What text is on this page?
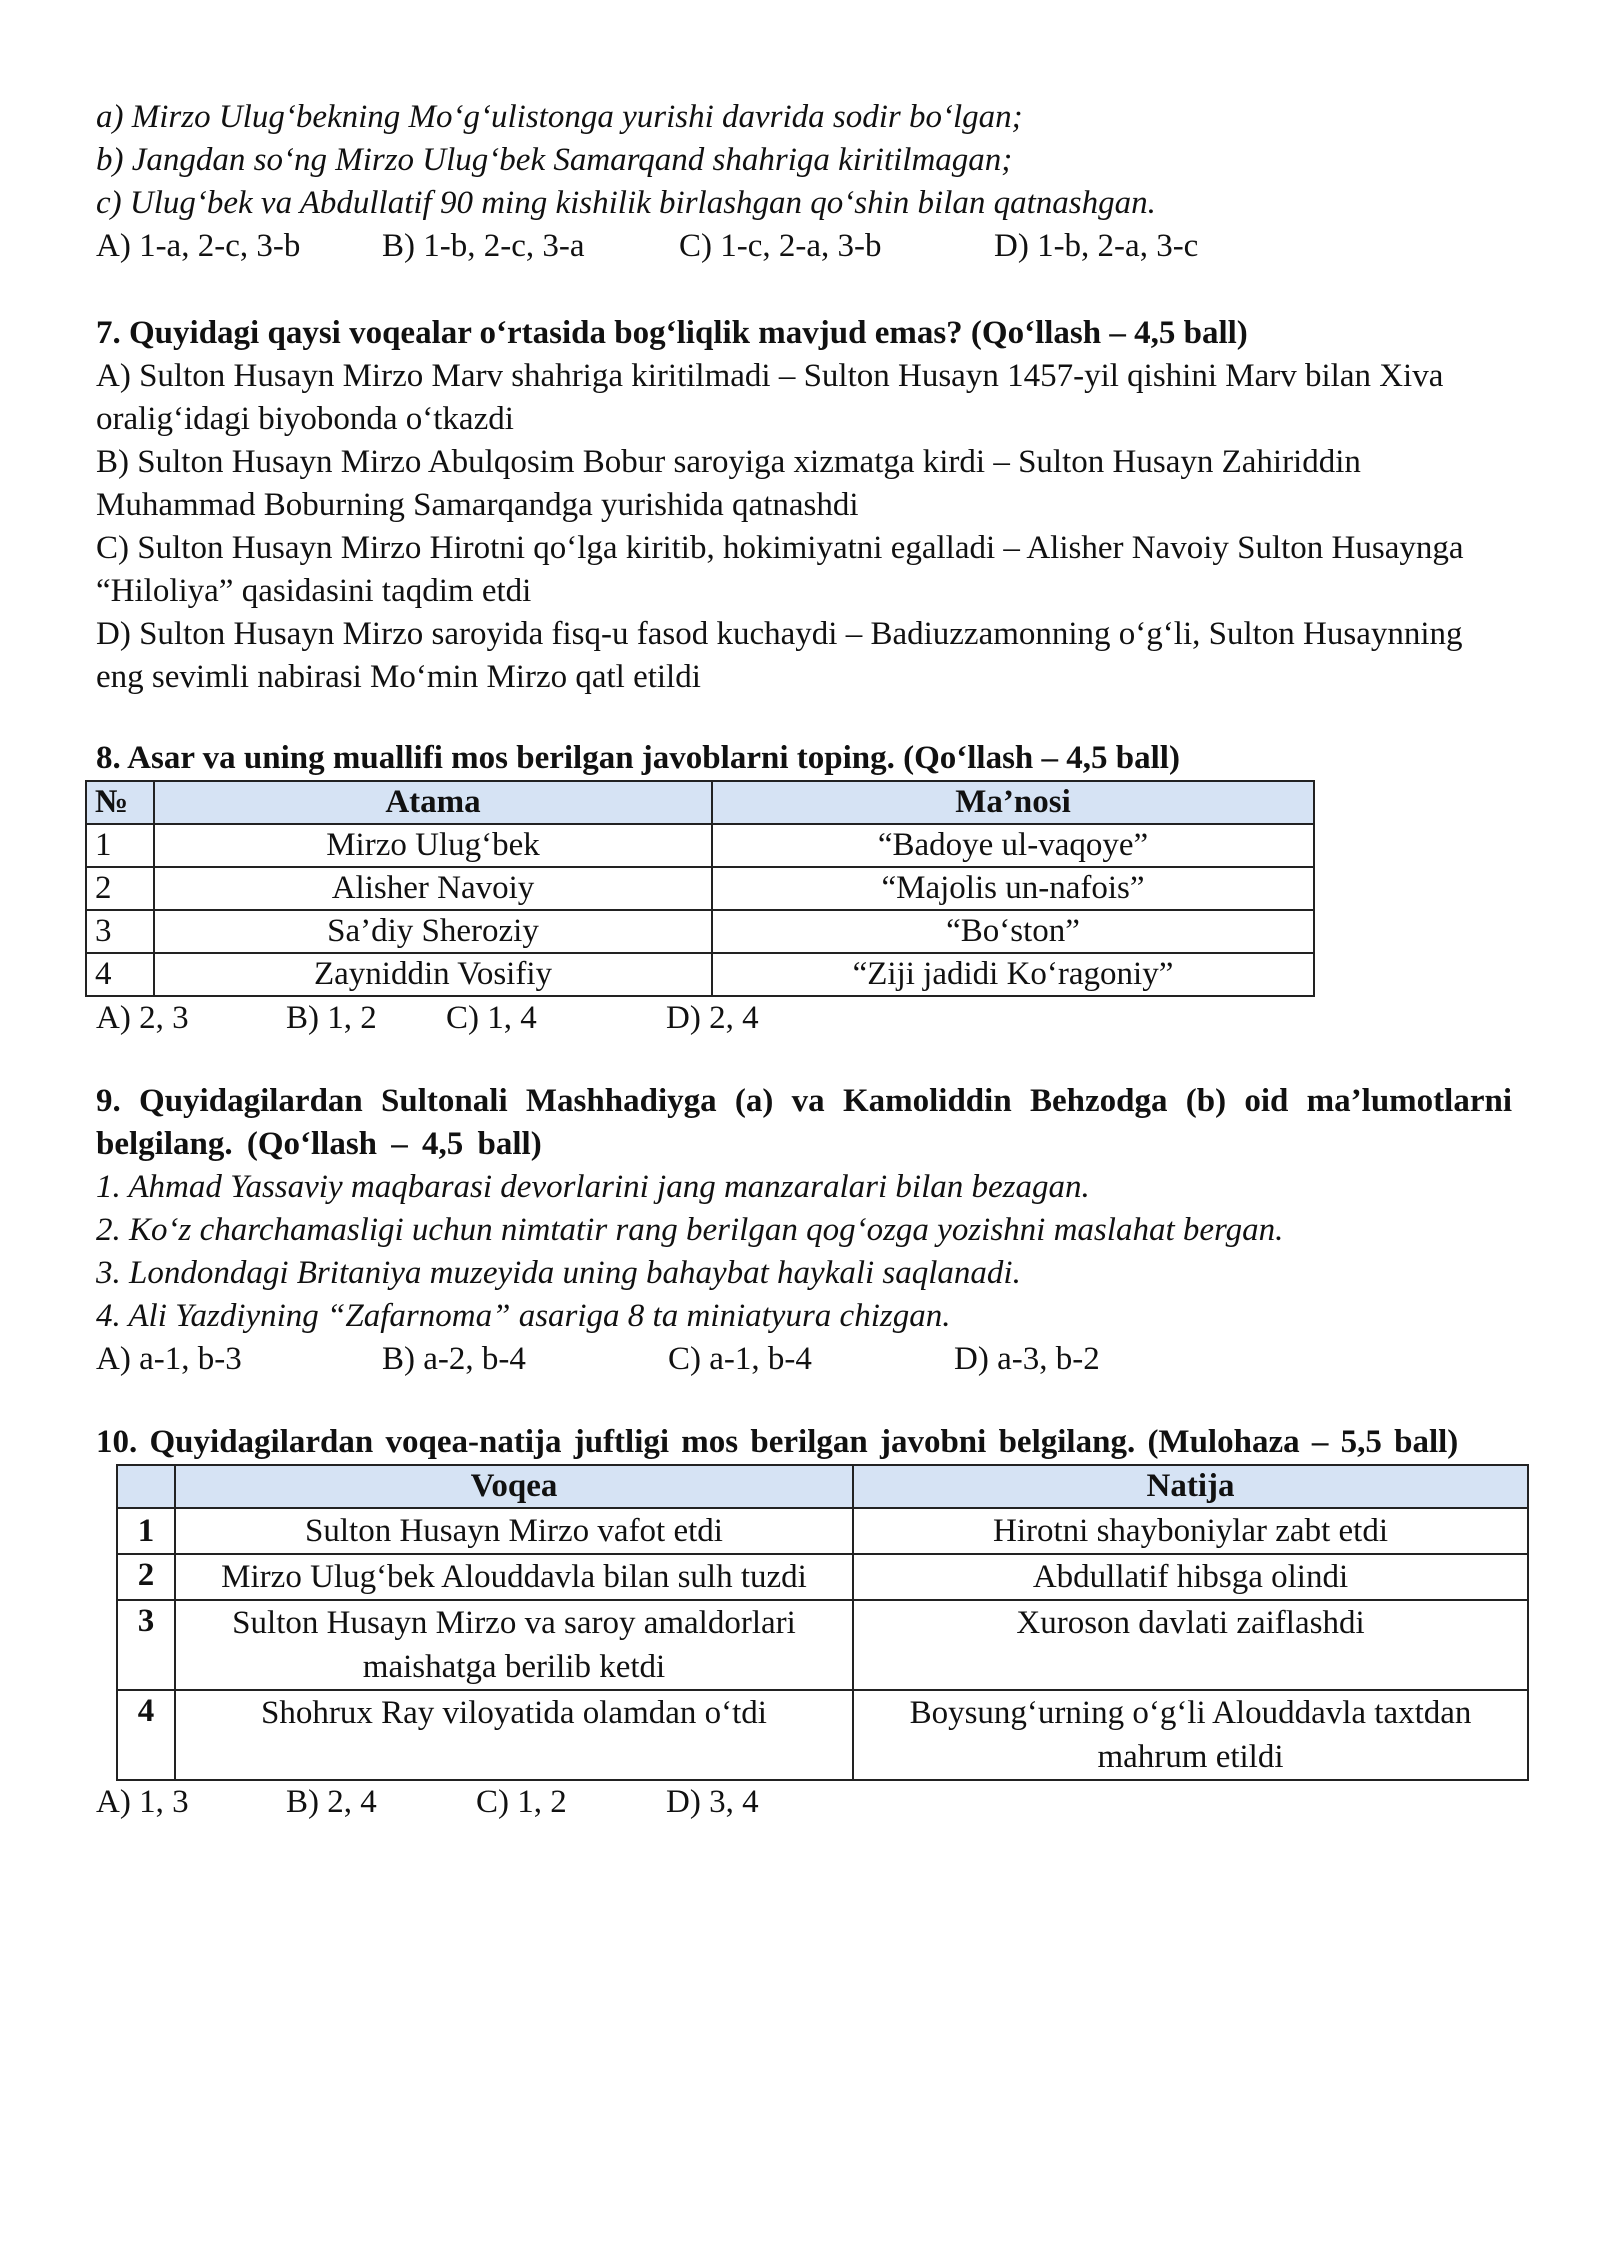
a) Mirzo Ulug‘bekning Mo‘g‘ulistonga yurishi davrida sodir bo‘lgan;
b) Jangdan so‘ng Mirzo Ulug‘bek Samarqand shahriga kiritilmagan;
c) Ulug‘bek va Abdullatif 90 ming kishilik birlashgan qo‘shin bilan qatnashgan.
A) 1-a, 2-c, 3-b	B) 1-b, 2-c, 3-a	C) 1-c, 2-a, 3-b	D) 1-b, 2-a, 3-c
7. Quyidagi qaysi voqealar o‘rtasida bog‘liqlik mavjud emas? (Qo‘llash – 4,5 ball)
A) Sulton Husayn Mirzo Marv shahriga kiritilmadi – Sulton Husayn 1457-yil qishini Marv bilan Xiva oralig‘idagi biyobonda o‘tkazdi
B) Sulton Husayn Mirzo Abulqosim Bobur saroyiga xizmatga kirdi – Sulton Husayn Zahiriddin Muhammad Boburning Samarqandga yurishida qatnashdi
C) Sulton Husayn Mirzo Hirotni qo‘lga kiritib, hokimiyatni egalladi – Alisher Navoiy Sulton Husaynga “Hiloliya” qasidasini taqdim etdi
D) Sulton Husayn Mirzo saroyida fisq-u fasod kuchaydi – Badiuzzamonning o‘g‘li, Sulton Husaynning eng sevimli nabirasi Mo‘min Mirzo qatl etildi
8. Asar va uning muallifi mos berilgan javoblarni toping. (Qo‘llash – 4,5 ball)
№	Atama	Ma’nosi
1	Mirzo Ulug‘bek	“Badoye ul-vaqoye”
2	Alisher Navoiy	“Majolis un-nafois”
3	Sa’diy Sheroziy	“Bo‘ston”
4	Zayniddin Vosifiy	“Ziji jadidi Ko‘ragoniy”
A) 2, 3	B) 1, 2	C) 1, 4	D) 2, 4
9. Quyidagilardan Sultonali Mashhadiyga (a) va Kamoliddin Behzodga (b) oid ma’lumotlarni belgilang. (Qo‘llash – 4,5 ball)
1. Ahmad Yassaviy maqbarasi devorlarini jang manzaralari bilan bezagan.
2. Ko‘z charchamasligi uchun nimtatir rang berilgan qog‘ozga yozishni maslahat bergan.
3. Londondagi Britaniya muzeyida uning bahaybat haykali saqlanadi.
4. Ali Yazdiyning “Zafarnoma” asariga 8 ta miniatyura chizgan.
A) a-1, b-3	B) a-2, b-4	C) a-1, b-4	D) a-3, b-2
10. Quyidagilardan voqea-natija juftligi mos berilgan javobni belgilang. (Mulohaza – 5,5 ball)
	Voqea	Natija
1	Sulton Husayn Mirzo vafot etdi	Hirotni shayboniylar zabt etdi
2	Mirzo Ulug‘bek Alouddavla bilan sulh tuzdi	Abdullatif hibsga olindi
3	Sulton Husayn Mirzo va saroy amaldorlari maishatga berilib ketdi	Xuroson davlati zaiflashdi
4	Shohrux Ray viloyatida olamdan o‘tdi	Boysung‘urning o‘g‘li Alouddavla taxtdan mahrum etildi
A) 1, 3	B) 2, 4	C) 1, 2	D) 3, 4
